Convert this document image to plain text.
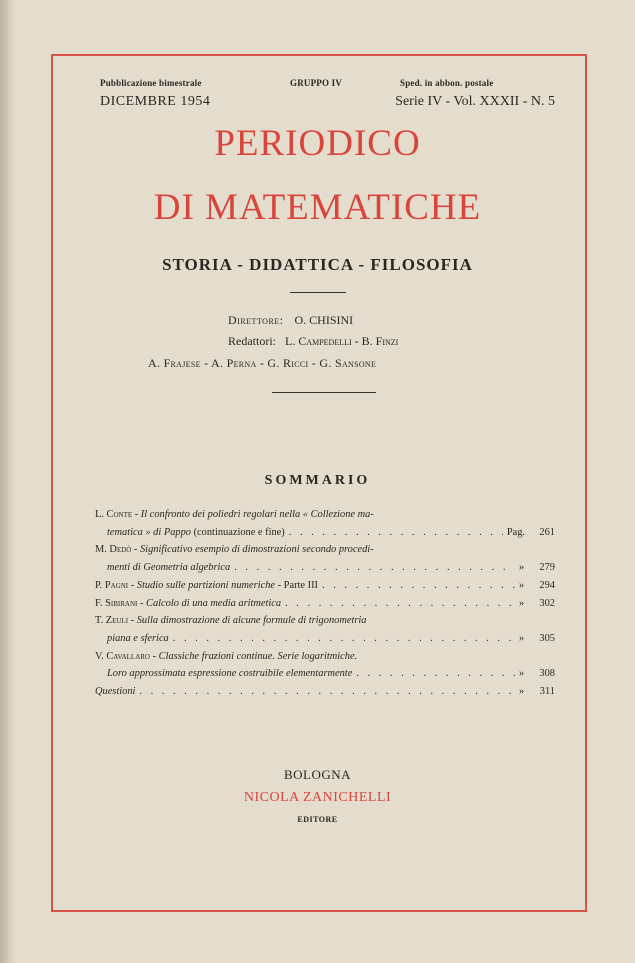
Pubblicazione bimestrale	GRUPPO IV	Sped. in abbon. postale
DICEMBRE 1954	Serie IV - Vol. XXXII - N. 5
PERIODICO
DI MATEMATICHE
STORIA - DIDATTICA - FILOSOFIA
Direttore: O. CHISINI
Redattori: L. Campedelli - B. Finzi
A. Frajese - A. Perna - G. Ricci - G. Sansone
SOMMARIO
L. Conte - Il confronto dei poliedri regolari nella « Collezione ma-
tematica » di Pappo (continuazione e fine) . . .	Pag.	261
M. Dedò - Significativo esempio di dimostrazioni secondo procedi-
menti di Geometria algebrica . . .	»	279
P. Pagni - Studio sulle partizioni numeriche - Parte III . . .	»	294
F. Sibirani - Calcolo di una media aritmetica . . .	»	302
T. Zeuli - Sulla dimostrazione di alcune formule di trigonometria
piana e sferica . . .	»	305
V. Cavallaro - Classiche frazioni continue. Serie logaritmiche.
Loro approssimata espressione costruibile elementarmente . . .	»	308
Questioni . . .	»	311
BOLOGNA
NICOLA ZANICHELLI
EDITORE
